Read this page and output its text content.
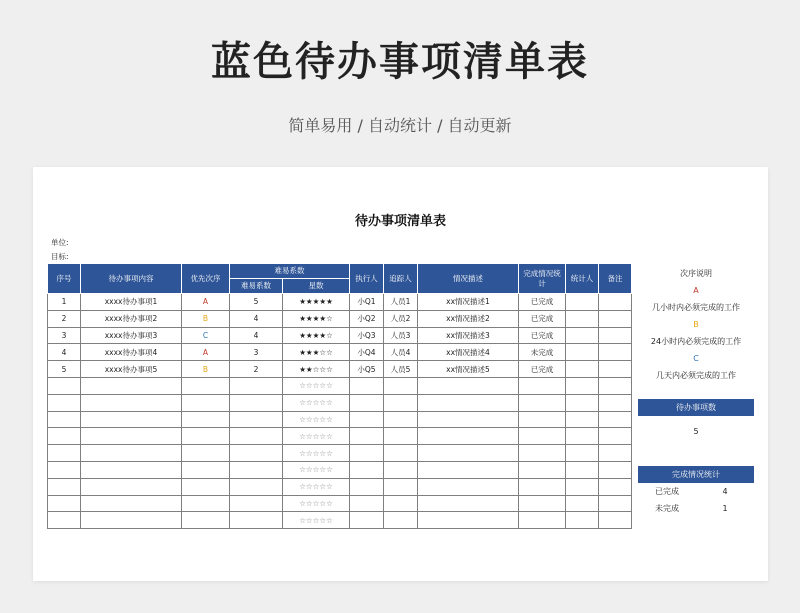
蓝色待办事项清单表
简单易用 / 自动统计 / 自动更新
待办事项清单表
单位:
目标:
序号	待办事项内容	优先次序	难易系数		执行人	追踪人	情况描述	完成情况统计	统计人	备注
			难易系数	星数						
1	xxxx待办事项1	A	5	★★★★★	小Q1	人员1	xx情况描述1	已完成		
2	xxxx待办事项2	B	4	★★★★☆	小Q2	人员2	xx情况描述2	已完成		
3	xxxx待办事项3	C	4	★★★★☆	小Q3	人员3	xx情况描述3	已完成		
4	xxxx待办事项4	A	3	★★★☆☆	小Q4	人员4	xx情况描述4	未完成		
5	xxxx待办事项5	B	2	★★☆☆☆	小Q5	人员5	xx情况描述5	已完成		
				☆☆☆☆☆						
				☆☆☆☆☆						
				☆☆☆☆☆						
				☆☆☆☆☆						
				☆☆☆☆☆						
				☆☆☆☆☆						
				☆☆☆☆☆						
				☆☆☆☆☆						
				☆☆☆☆☆						
次序说明
A
几小时内必须完成的工作
B
24小时内必须完成的工作
C
几天内必须完成的工作
待办事项数
5
完成情况统计
已完成	4
未完成	1
